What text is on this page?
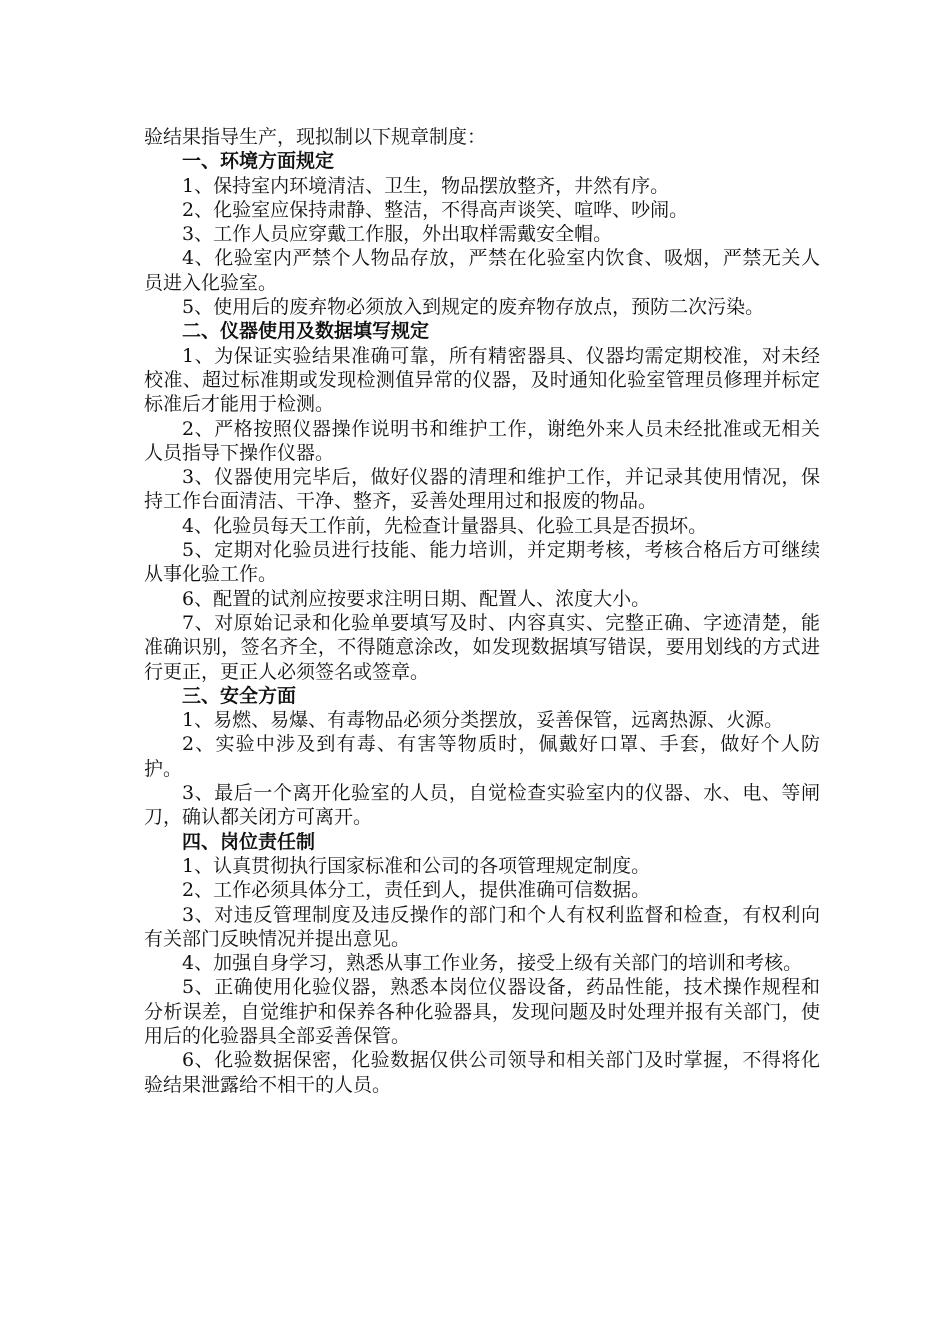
验结果指导生产，现拟制以下规章制度：

一、环境方面规定

1、保持室内环境清洁、卫生，物品摆放整齐，井然有序。

2、化验室应保持肃静、整洁，不得高声谈笑、喧哗、吵闹。

3、工作人员应穿戴工作服，外出取样需戴安全帽。

4、化验室内严禁个人物品存放，严禁在化验室内饮食、吸烟，严禁无关人员进入化验室。

5、使用后的废弃物必须放入到规定的废弃物存放点，预防二次污染。

二、仪器使用及数据填写规定

1、为保证实验结果准确可靠，所有精密器具、仪器均需定期校准，对未经校准、超过标准期或发现检测值异常的仪器，及时通知化验室管理员修理并标定标准后才能用于检测。

2、严格按照仪器操作说明书和维护工作，谢绝外来人员未经批准或无相关人员指导下操作仪器。

3、仪器使用完毕后，做好仪器的清理和维护工作，并记录其使用情况，保持工作台面清洁、干净、整齐，妥善处理用过和报废的物品。

4、化验员每天工作前，先检查计量器具、化验工具是否损坏。

5、定期对化验员进行技能、能力培训，并定期考核，考核合格后方可继续从事化验工作。

6、配置的试剂应按要求注明日期、配置人、浓度大小。

7、对原始记录和化验单要填写及时、内容真实、完整正确、字迹清楚，能准确识别，签名齐全，不得随意涂改，如发现数据填写错误，要用划线的方式进行更正，更正人必须签名或签章。

三、安全方面

1、易燃、易爆、有毒物品必须分类摆放，妥善保管，远离热源、火源。

2、实验中涉及到有毒、有害等物质时，佩戴好口罩、手套，做好个人防护。

3、最后一个离开化验室的人员，自觉检查实验室内的仪器、水、电、等闸刀，确认都关闭方可离开。

四、岗位责任制

1、认真贯彻执行国家标准和公司的各项管理规定制度。

2、工作必须具体分工，责任到人，提供准确可信数据。

3、对违反管理制度及违反操作的部门和个人有权利监督和检查，有权利向有关部门反映情况并提出意见。

4、加强自身学习，熟悉从事工作业务，接受上级有关部门的培训和考核。

5、正确使用化验仪器，熟悉本岗位仪器设备，药品性能，技术操作规程和分析误差，自觉维护和保养各种化验器具，发现问题及时处理并报有关部门，使用后的化验器具全部妥善保管。

6、化验数据保密，化验数据仅供公司领导和相关部门及时掌握，不得将化验结果泄露给不相干的人员。
